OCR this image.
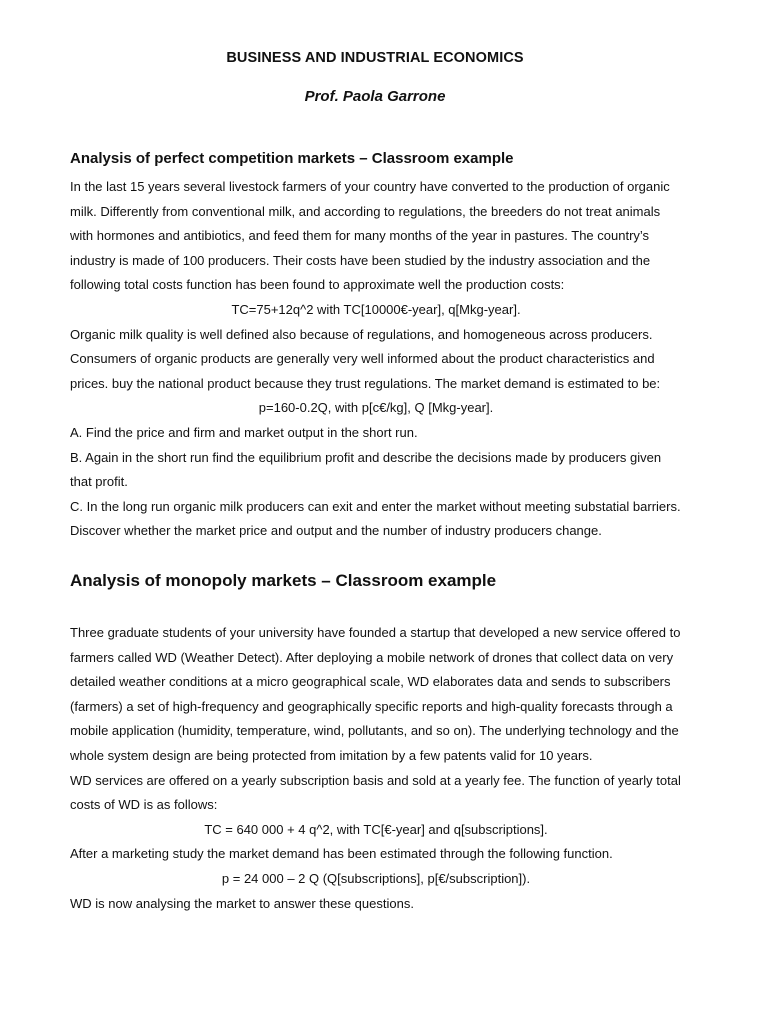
BUSINESS AND INDUSTRIAL ECONOMICS
Prof. Paola Garrone
Analysis of perfect competition markets – Classroom example

In the last 15 years several livestock farmers of your country have converted to the production of organic milk. Differently from conventional milk, and according to regulations, the breeders do not treat animals with hormones and antibiotics, and feed them for many months of the year in pastures. The country’s industry is made of 100 producers. Their costs have been studied by the industry association and the following total costs function has been found to approximate well the production costs:

TC=75+12q^2 with TC[10000€-year], q[Mkg-year].

Organic milk quality is well defined also because of regulations, and homogeneous across producers. Consumers of organic products are generally very well informed about the product characteristics and prices. buy the national product because they trust regulations. The market demand is estimated to be:

p=160-0.2Q, with p[c€/kg], Q [Mkg-year].

A. Find the price and firm and market output in the short run.

B. Again in the short run find the equilibrium profit and describe the decisions made by producers given that profit.

C. In the long run organic milk producers can exit and enter the market without meeting substatial barriers. Discover whether the market price and output and the number of industry producers change.

Analysis of monopoly markets – Classroom example

Three graduate students of your university have founded a startup that developed a new service offered to farmers called WD (Weather Detect). After deploying a mobile network of drones that collect data on very detailed weather conditions at a micro geographical scale, WD elaborates data and sends to subscribers (farmers) a set of high-frequency and geographically specific reports and high-quality forecasts through a mobile application (humidity, temperature, wind, pollutants, and so on). The underlying technology and the whole system design are being protected from imitation by a few patents valid for 10 years.

WD services are offered on a yearly subscription basis and sold at a yearly fee. The function of yearly total costs of WD is as follows:

TC = 640 000 + 4 q^2, with TC[€-year] and q[subscriptions].

After a marketing study the market demand has been estimated through the following function.

p = 24 000 – 2 Q (Q[subscriptions], p[€/subscription]).

WD is now analysing the market to answer these questions.
